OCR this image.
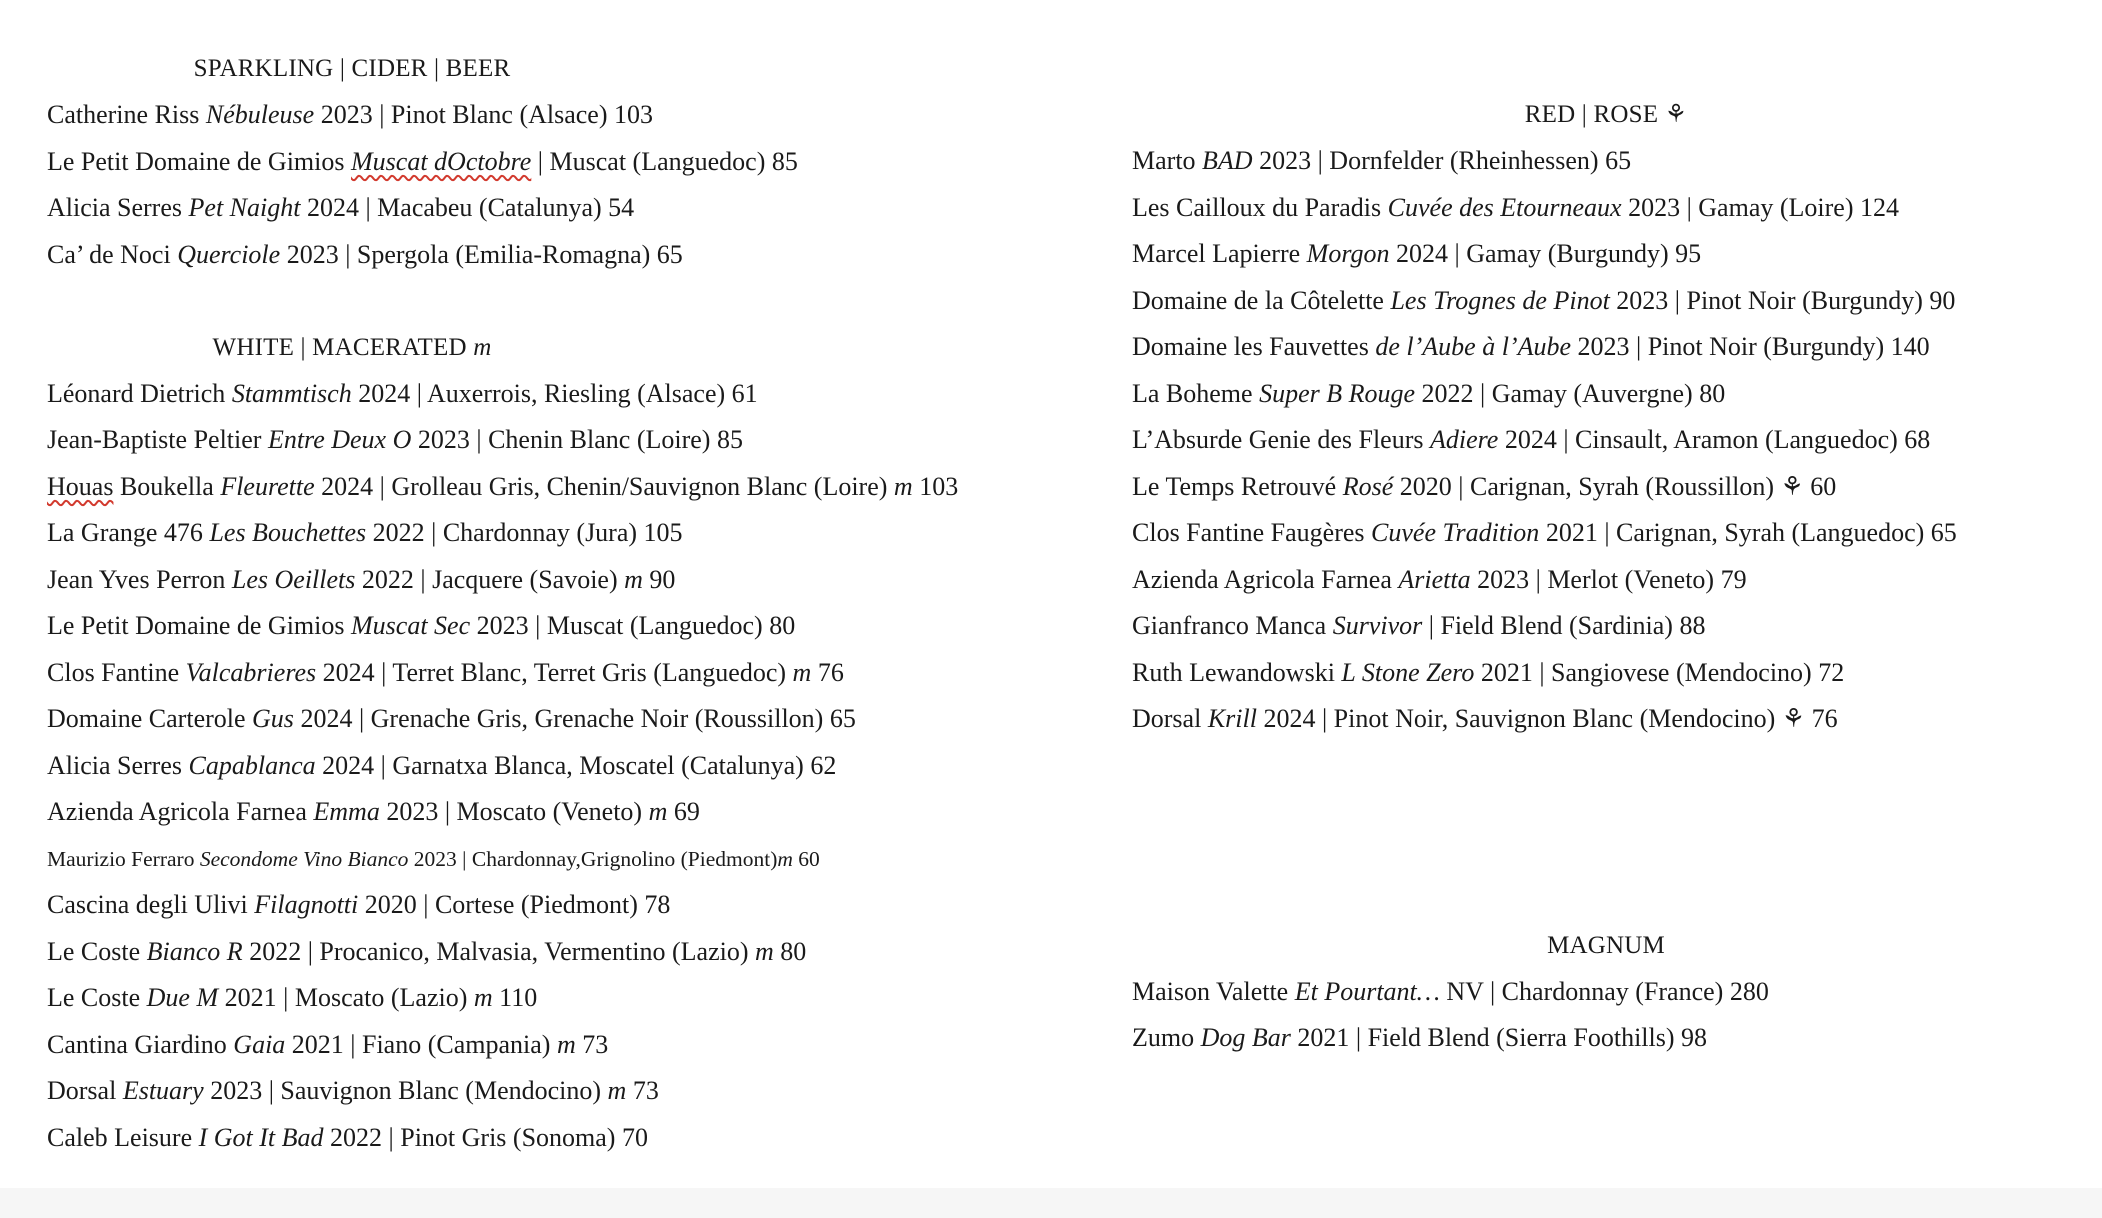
SPARKLING | CIDER | BEER
Catherine Riss Nébuleuse 2023 | Pinot Blanc (Alsace) 103
Le Petit Domaine de Gimios Muscat dOctobre | Muscat (Languedoc) 85
Alicia Serres Pet Naight 2024 | Macabeu (Catalunya) 54
Ca’ de Noci Querciole 2023 | Spergola (Emilia-Romagna) 65
WHITE | MACERATED m
Léonard Dietrich Stammtisch 2024 | Auxerrois, Riesling (Alsace) 61
Jean-Baptiste Peltier Entre Deux O 2023 | Chenin Blanc (Loire) 85
Houas Boukella Fleurette 2024 | Grolleau Gris, Chenin/Sauvignon Blanc (Loire) m 103
La Grange 476 Les Bouchettes 2022 | Chardonnay (Jura) 105
Jean Yves Perron Les Oeillets 2022 | Jacquere (Savoie) m 90
Le Petit Domaine de Gimios Muscat Sec 2023 | Muscat (Languedoc) 80
Clos Fantine Valcabrieres 2024 | Terret Blanc, Terret Gris (Languedoc) m 76
Domaine Carterole Gus 2024 | Grenache Gris, Grenache Noir (Roussillon) 65
Alicia Serres Capablanca 2024 | Garnatxa Blanca, Moscatel (Catalunya) 62
Azienda Agricola Farnea Emma 2023 | Moscato (Veneto) m 69
Maurizio Ferraro Secondome Vino Bianco 2023 | Chardonnay,Grignolino (Piedmont)m 60
Cascina degli Ulivi Filagnotti 2020 | Cortese (Piedmont) 78
Le Coste Bianco R 2022 | Procanico, Malvasia, Vermentino (Lazio) m 80
Le Coste Due M 2021 | Moscato (Lazio) m 110
Cantina Giardino Gaia 2021 | Fiano (Campania) m 73
Dorsal Estuary 2023 | Sauvignon Blanc (Mendocino) m 73
Caleb Leisure I Got It Bad 2022 | Pinot Gris (Sonoma) 70
RED | ROSE ⚘
Marto BAD 2023 | Dornfelder (Rheinhessen) 65
Les Cailloux du Paradis Cuvée des Etourneaux 2023 | Gamay (Loire) 124
Marcel Lapierre Morgon 2024 | Gamay (Burgundy) 95
Domaine de la Côtelette Les Trognes de Pinot 2023 | Pinot Noir (Burgundy) 90
Domaine les Fauvettes de l’Aube à l’Aube 2023 | Pinot Noir (Burgundy) 140
La Boheme Super B Rouge 2022 | Gamay (Auvergne) 80
L’Absurde Genie des Fleurs Adiere 2024 | Cinsault, Aramon (Languedoc) 68
Le Temps Retrouvé Rosé 2020 | Carignan, Syrah (Roussillon) ⚘ 60
Clos Fantine Faugères Cuvée Tradition 2021 | Carignan, Syrah (Languedoc) 65
Azienda Agricola Farnea Arietta 2023 | Merlot (Veneto) 79
Gianfranco Manca Survivor | Field Blend (Sardinia) 88
Ruth Lewandowski L Stone Zero 2021 | Sangiovese (Mendocino) 72
Dorsal Krill 2024 | Pinot Noir, Sauvignon Blanc (Mendocino) ⚘ 76
MAGNUM
Maison Valette Et Pourtant… NV | Chardonnay (France) 280
Zumo Dog Bar 2021 | Field Blend (Sierra Foothills) 98
